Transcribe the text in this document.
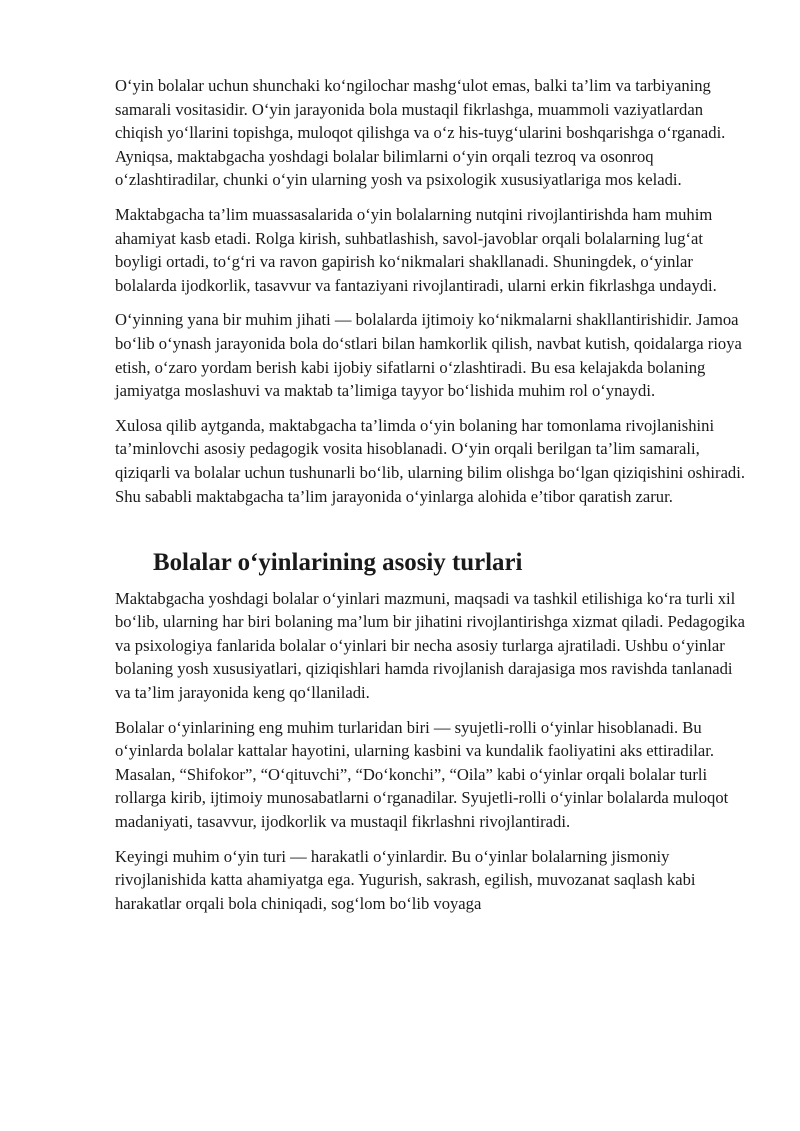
O‘yin bolalar uchun shunchaki ko‘ngilochar mashg‘ulot emas, balki ta’lim va tarbiyaning samarali vositasidir. O‘yin jarayonida bola mustaqil fikrlashga, muammoli vaziyatlardan chiqish yo‘llarini topishga, muloqot qilishga va o‘z his-tuyg‘ularini boshqarishga o‘rganadi. Ayniqsa, maktabgacha yoshdagi bolalar bilimlarni o‘yin orqali tezroq va osonroq o‘zlashtiradilar, chunki o‘yin ularning yosh va psixologik xususiyatlariga mos keladi.

Maktabgacha ta’lim muassasalarida o‘yin bolalarning nutqini rivojlantirishda ham muhim ahamiyat kasb etadi. Rolga kirish, suhbatlashish, savol-javoblar orqali bolalarning lug‘at boyligi ortadi, to‘g‘ri va ravon gapirish ko‘nikmalari shakllanadi. Shuningdek, o‘yinlar bolalarda ijodkorlik, tasavvur va fantaziyani rivojlantiradi, ularni erkin fikrlashga undaydi.

O‘yinning yana bir muhim jihati — bolalarda ijtimoiy ko‘nikmalarni shakllantirishidir. Jamoa bo‘lib o‘ynash jarayonida bola do‘stlari bilan hamkorlik qilish, navbat kutish, qoidalarga rioya etish, o‘zaro yordam berish kabi ijobiy sifatlarni o‘zlashtiradi. Bu esa kelajakda bolaning jamiyatga moslashuvi va maktab ta’limiga tayyor bo‘lishida muhim rol o‘ynaydi.

Xulosa qilib aytganda, maktabgacha ta’limda o‘yin bolaning har tomonlama rivojlanishini ta’minlovchi asosiy pedagogik vosita hisoblanadi. O‘yin orqali berilgan ta’lim samarali, qiziqarli va bolalar uchun tushunarli bo‘lib, ularning bilim olishga bo‘lgan qiziqishini oshiradi. Shu sababli maktabgacha ta’lim jarayonida o‘yinlarga alohida e’tibor qaratish zarur.

Bolalar o‘yinlarining asosiy turlari

Maktabgacha yoshdagi bolalar o‘yinlari mazmuni, maqsadi va tashkil etilishiga ko‘ra turli xil bo‘lib, ularning har biri bolaning ma’lum bir jihatini rivojlantirishga xizmat qiladi. Pedagogika va psixologiya fanlarida bolalar o‘yinlari bir necha asosiy turlarga ajratiladi. Ushbu o‘yinlar bolaning yosh xususiyatlari, qiziqishlari hamda rivojlanish darajasiga mos ravishda tanlanadi va ta’lim jarayonida keng qo‘llaniladi.

Bolalar o‘yinlarining eng muhim turlaridan biri — syujetli-rolli o‘yinlar hisoblanadi. Bu o‘yinlarda bolalar kattalar hayotini, ularning kasbini va kundalik faoliyatini aks ettiradilar. Masalan, “Shifokor”, “O‘qituvchi”, “Do‘konchi”, “Oila” kabi o‘yinlar orqali bolalar turli rollarga kirib, ijtimoiy munosabatlarni o‘rganadilar. Syujetli-rolli o‘yinlar bolalarda muloqot madaniyati, tasavvur, ijodkorlik va mustaqil fikrlashni rivojlantiradi.

Keyingi muhim o‘yin turi — harakatli o‘yinlardir. Bu o‘yinlar bolalarning jismoniy rivojlanishida katta ahamiyatga ega. Yugurish, sakrash, egilish, muvozanat saqlash kabi harakatlar orqali bola chiniqadi, sog‘lom bo‘lib voyaga
